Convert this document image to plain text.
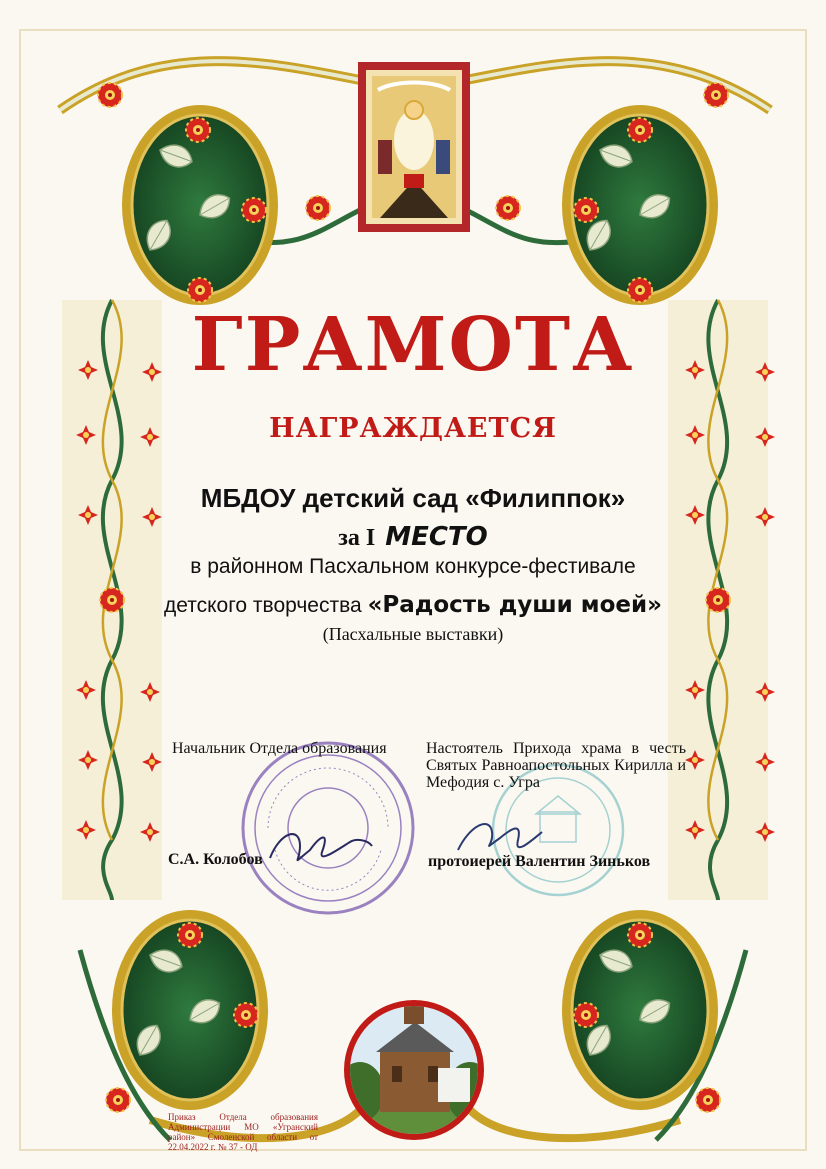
ГРАМОТА
НАГРАЖДАЕТСЯ
МБДОУ детский сад «Филиппок»
за I МЕСТО
в районном Пасхальном конкурсе-фестивале
детского творчества «Радость души моей»
(Пасхальные выставки)
Начальник Отдела образования Настоятель Прихода храма в честь Святых Равноапостольных Кирилла и Мефодия с. Угра
С.А. Колобов	протоиерей Валентин Зиньков
Приказ Отдела образования Администрации МО «Угранский район» Смоленской области от 22.04.2022 г. № 37 - ОД
